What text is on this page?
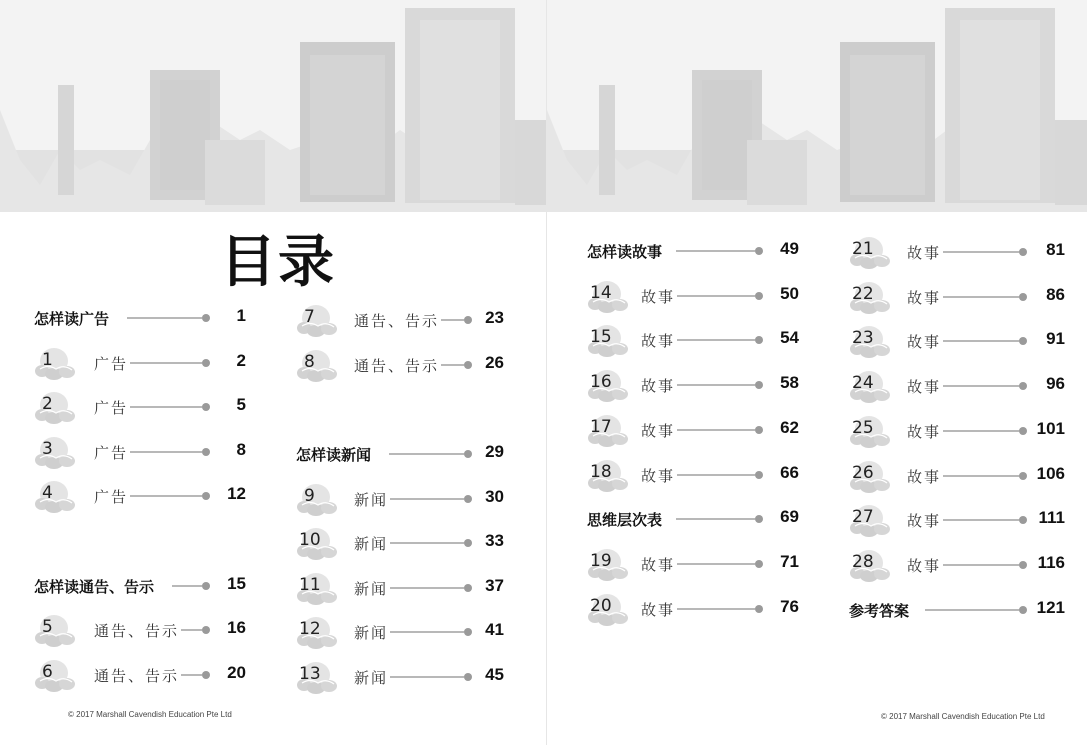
目录
怎样读广告	1
1	广告	2
2	广告	5
3	广告	8
4	广告	12
怎样读通告、告示	15
5	通告、告示	16
6	通告、告示	20
7	通告、告示	23
8	通告、告示	26
怎样读新闻	29
9	新闻	30
10 新闻	33
11 新闻	37
12 新闻	41
13 新闻	45
© 2017 Marshall Cavendish Education Pte Ltd
怎样读故事	49
14 故事	50
15 故事	54
16 故事	58
17 故事	62
18 故事	66
思维层次表	69
19 故事	71
20 故事	76
21 故事	81
22 故事	86
23 故事	91
24 故事	96
25 故事	101
26 故事	106
27 故事	111
28 故事	116
参考答案	121
© 2017 Marshall Cavendish Education Pte Ltd
